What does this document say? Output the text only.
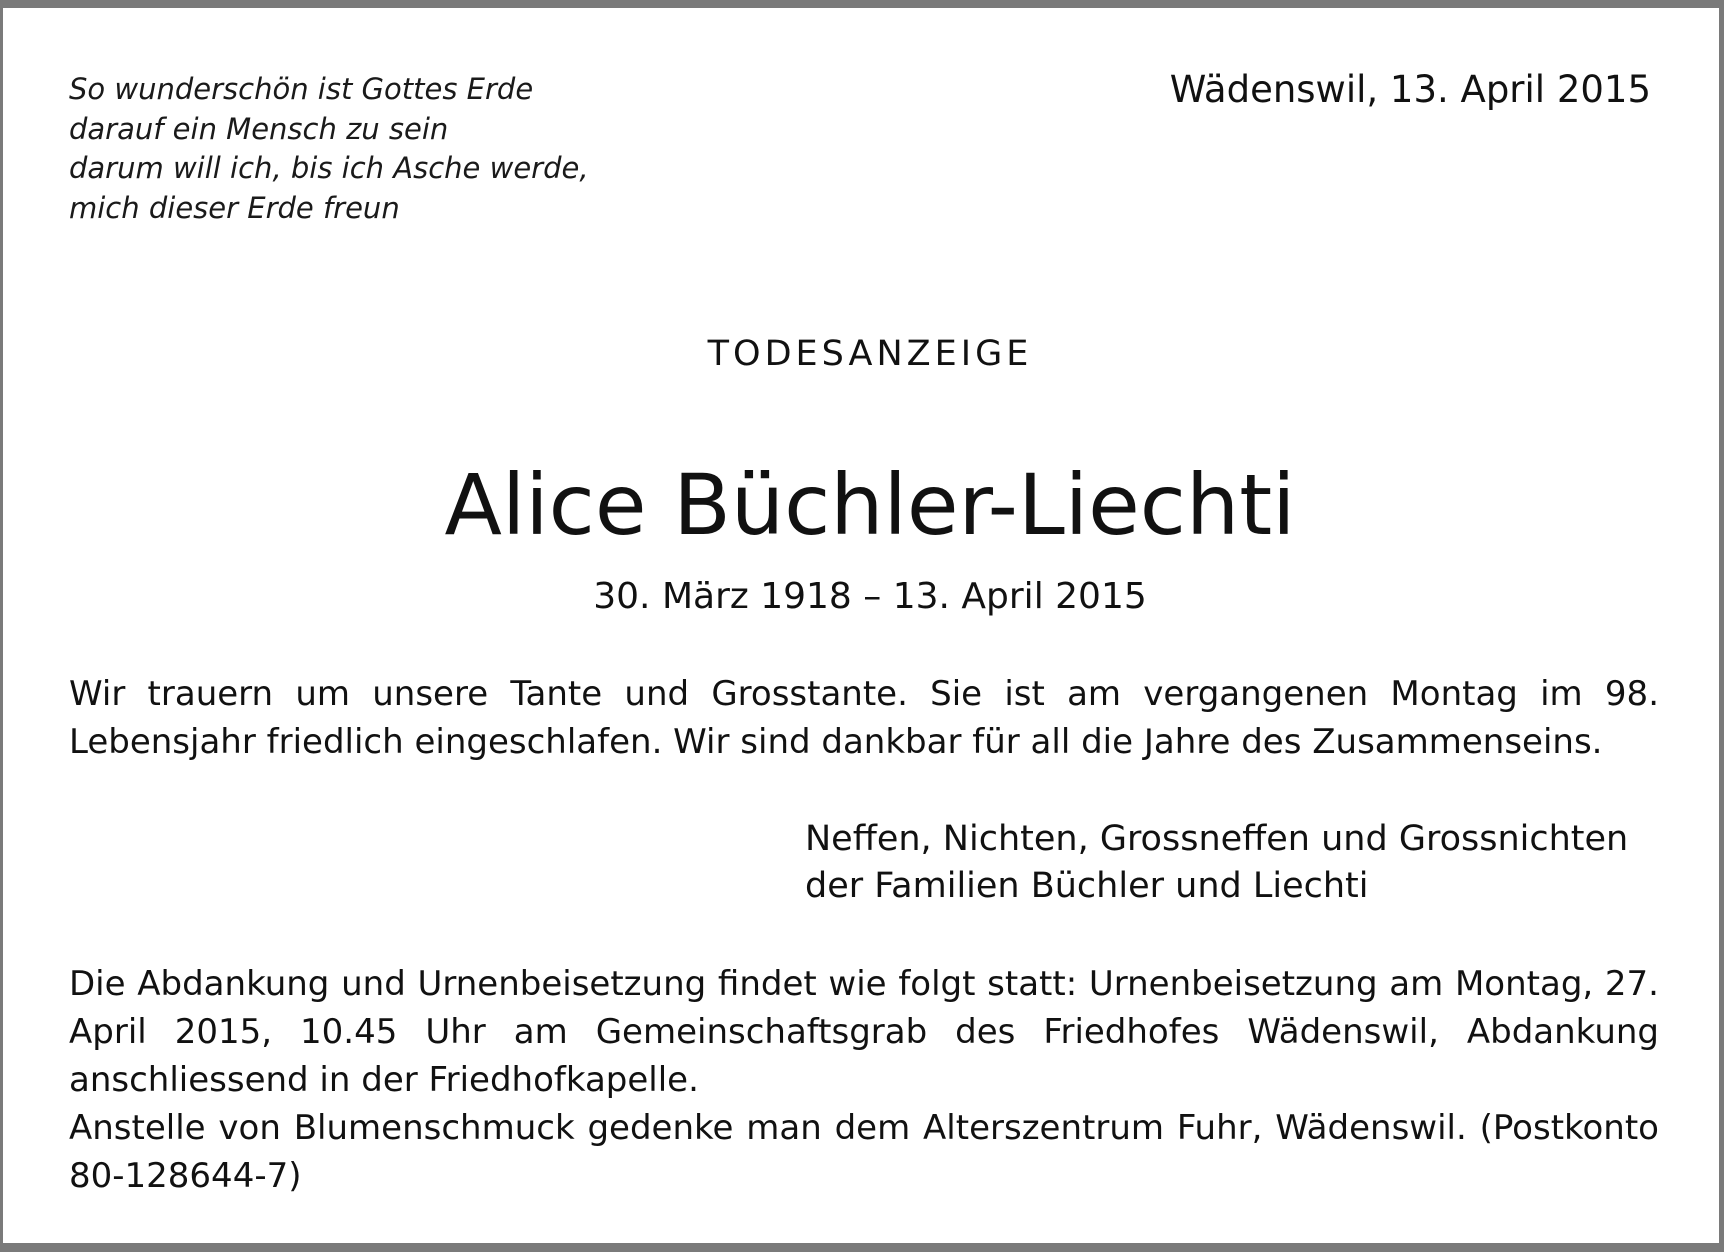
So wunderschön ist Gottes Erde
darauf ein Mensch zu sein
darum will ich, bis ich Asche werde,
mich dieser Erde freun
Wädenswil, 13. April 2015
TODESANZEIGE
Alice Büchler-Liechti
30. März 1918 – 13. April 2015
Wir trauern um unsere Tante und Grosstante. Sie ist am vergangenen Montag im 98. Lebensjahr friedlich eingeschlafen. Wir sind dankbar für all die Jahre des Zusammenseins.
Neffen, Nichten, Grossneffen und Grossnichten
der Familien Büchler und Liechti

Die Abdankung und Urnenbeisetzung findet wie folgt statt: Urnenbeisetzung am Montag, 27. April 2015, 10.45 Uhr am Gemeinschaftsgrab des Friedhofes Wädenswil, Abdankung anschliessend in der Friedhofkapelle.

Anstelle von Blumenschmuck gedenke man dem Alterszentrum Fuhr, Wädenswil. (Postkonto 80-128644-7)
